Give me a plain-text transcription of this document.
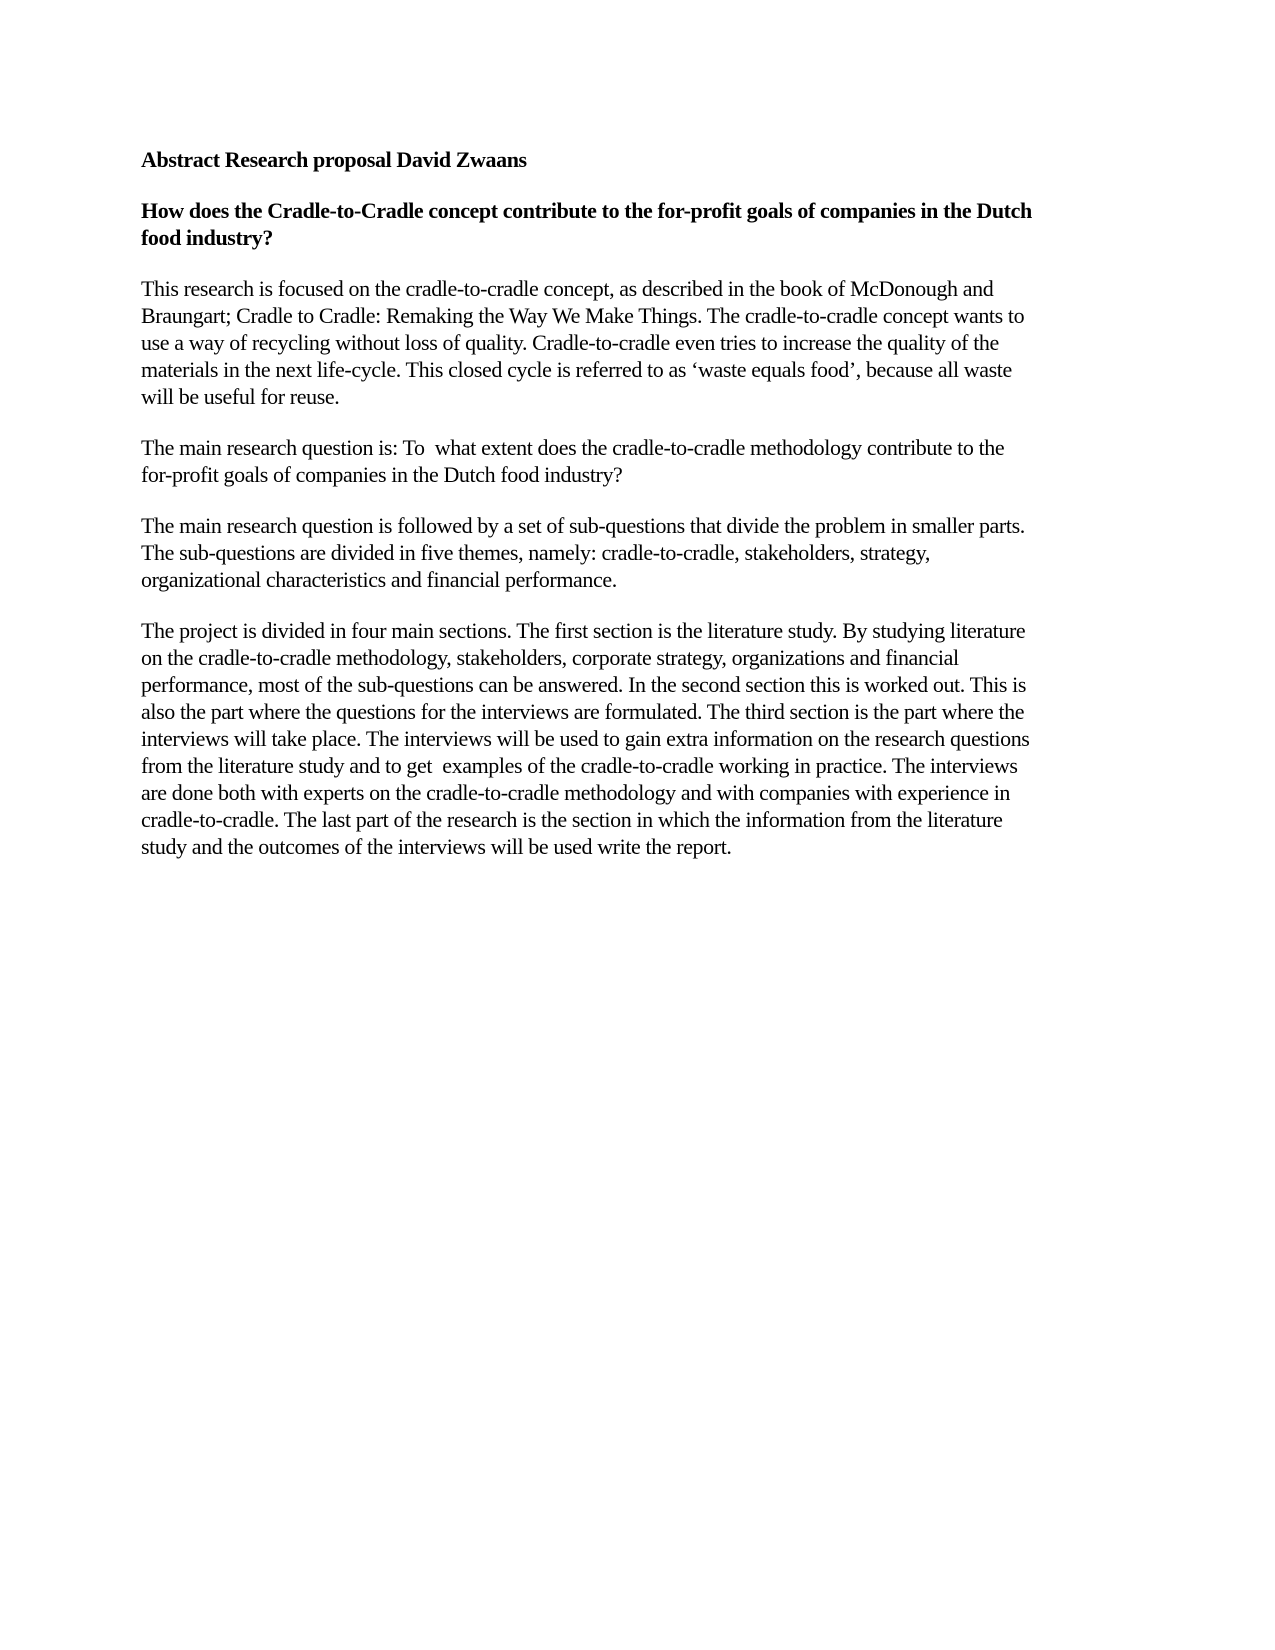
Abstract Research proposal David Zwaans
How does the Cradle-to-Cradle concept contribute to the for-profit goals of companies in the Dutch
food industry?
This research is focused on the cradle-to-cradle concept, as described in the book of McDonough and
Braungart; Cradle to Cradle: Remaking the Way We Make Things. The cradle-to-cradle concept wants to
use a way of recycling without loss of quality. Cradle-to-cradle even tries to increase the quality of the
materials in the next life-cycle. This closed cycle is referred to as ‘waste equals food’, because all waste
will be useful for reuse.
The main research question is: To  what extent does the cradle-to-cradle methodology contribute to the
for-profit goals of companies in the Dutch food industry?
The main research question is followed by a set of sub-questions that divide the problem in smaller parts.
The sub-questions are divided in five themes, namely: cradle-to-cradle, stakeholders, strategy,
organizational characteristics and financial performance.
The project is divided in four main sections. The first section is the literature study. By studying literature
on the cradle-to-cradle methodology, stakeholders, corporate strategy, organizations and financial
performance, most of the sub-questions can be answered. In the second section this is worked out. This is
also the part where the questions for the interviews are formulated. The third section is the part where the
interviews will take place. The interviews will be used to gain extra information on the research questions
from the literature study and to get  examples of the cradle-to-cradle working in practice. The interviews
are done both with experts on the cradle-to-cradle methodology and with companies with experience in
cradle-to-cradle. The last part of the research is the section in which the information from the literature
study and the outcomes of the interviews will be used write the report.
